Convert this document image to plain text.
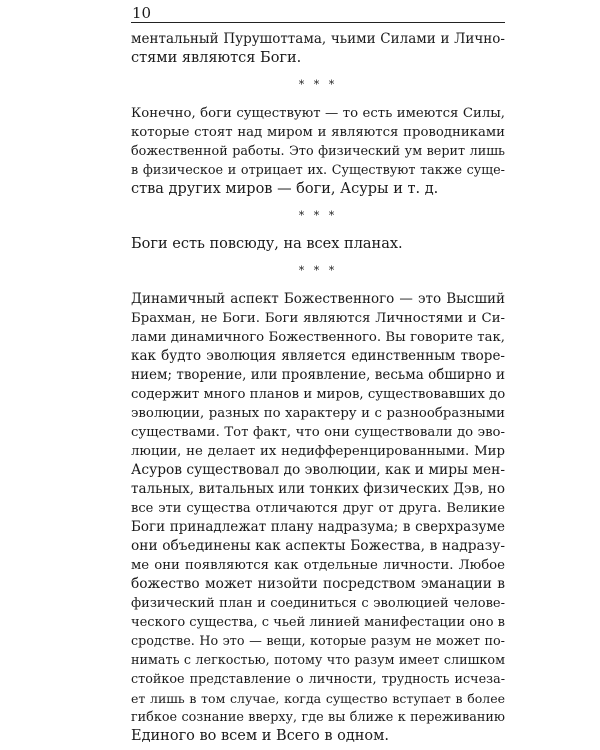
10

ментальный Пурушоттама, чьими Силами и Лично-
стями являются Боги.

* * *

Конечно, боги существуют — то есть имеются Силы,
которые стоят над миром и являются проводниками
божественной работы. Это физический ум верит лишь
в физическое и отрицает их. Существуют также суще-
ства других миров — боги, Асуры и т. д.

* * *

Боги есть повсюду, на всех планах.

* * *

Динамичный аспект Божественного — это Высший
Брахман, не Боги. Боги являются Личностями и Си-
лами динамичного Божественного. Вы говорите так,
как будто эволюция является единственным творе-
нием; творение, или проявление, весьма обширно и
содержит много планов и миров, существовавших до
эволюции, разных по характеру и с разнообразными
существами. Тот факт, что они существовали до эво-
люции, не делает их недифференцированными. Мир
Асуров существовал до эволюции, как и миры мен-
тальных, витальных или тонких физических Дэв, но
все эти существа отличаются друг от друга. Великие
Боги принадлежат плану надразума; в сверхразуме
они объединены как аспекты Божества, в надразу-
ме они появляются как отдельные личности. Любое
божество может низойти посредством эманации в
физический план и соединиться с эволюцией челове-
ческого существа, с чьей линией манифестации оно в
сродстве. Но это — вещи, которые разум не может по-
нимать с легкостью, потому что разум имеет слишком
стойкое представление о личности, трудность исчеза-
ет лишь в том случае, когда существо вступает в более
гибкое сознание вверху, где вы ближе к переживанию
Единого во всем и Всего в одном.
